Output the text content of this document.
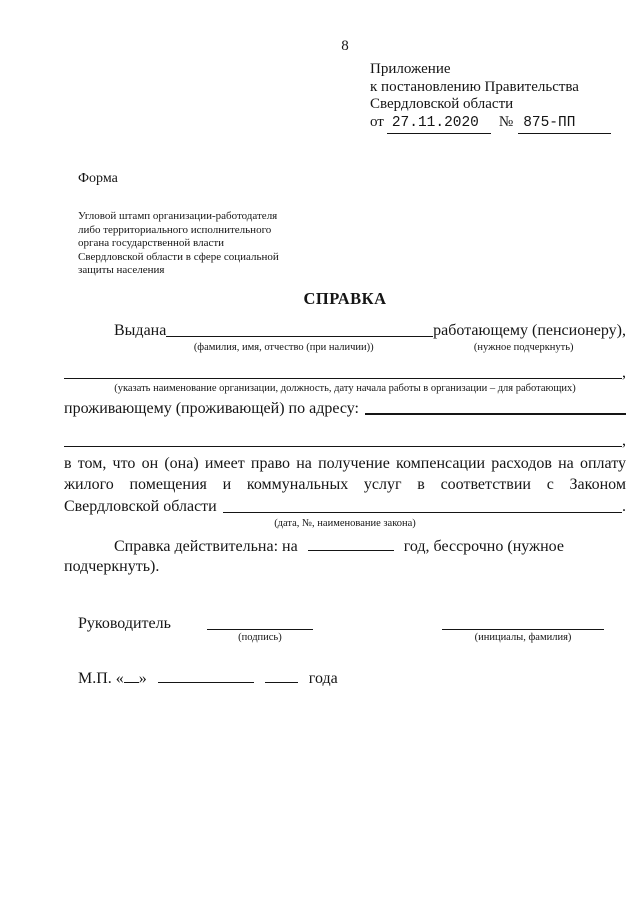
8
Приложение
к постановлению Правительства
Свердловской области
от 27.11.2020	№ 875-ПП
Форма
Угловой штамп организации-работодателя
либо территориального исполнительного
органа государственной власти
Свердловской области в сфере социальной
защиты населения
СПРАВКА
Выдана	работающему (пенсионеру),
(фамилия, имя, отчество (при наличии))	(нужное подчеркнуть)
,
(указать наименование организации, должность, дату начала работы в организации – для работающих)
проживающему (проживающей) по адресу:
,
в том, что он (она) имеет право на получение компенсации расходов на оплату
жилого помещения и коммунальных услуг в соответствии с Законом
Свердловской области	.
(дата, №, наименование закона)
Справка действительна: на	год, бессрочно (нужное подчеркнуть).
Руководитель
(подпись)	(инициалы, фамилия)
М.П. « »	года
